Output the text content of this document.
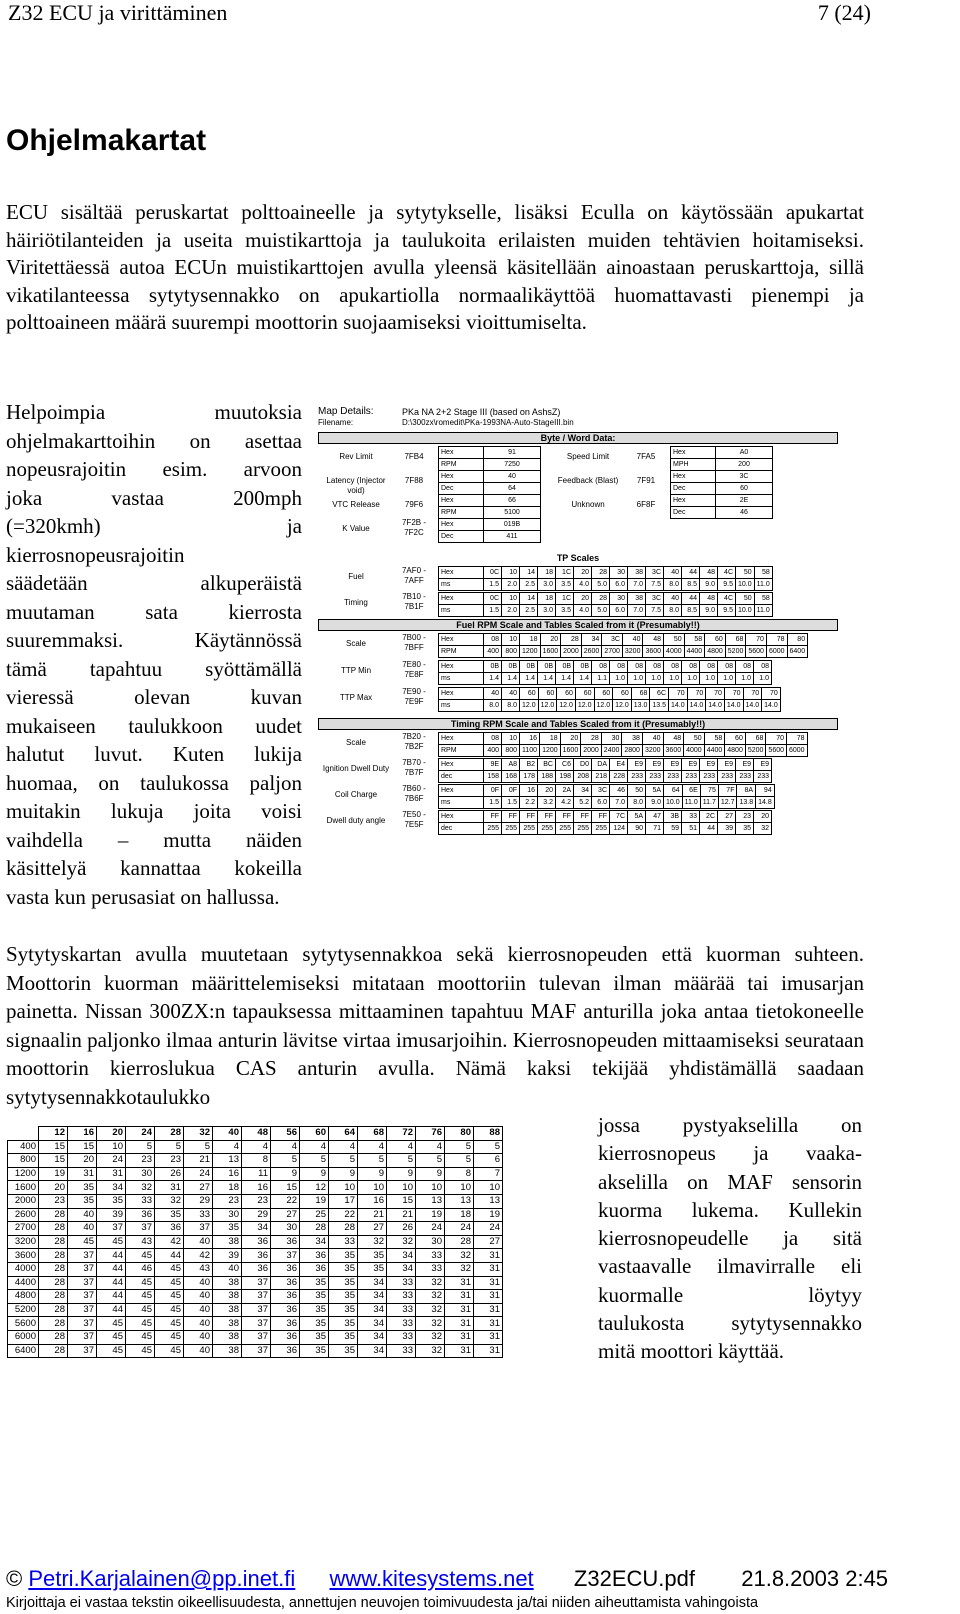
Z32 ECU ja virittäminen	7 (24)
Ohjelmakartat
ECU sisältää peruskartat polttoaineelle ja sytytykselle, lisäksi Eculla on käytössään apukartat häiriötilanteiden ja useita muistikarttoja ja taulukoita erilaisten muiden tehtävien hoitamiseksi. Viritettäessä autoa ECUn muistikarttojen avulla yleensä käsitellään ainoastaan peruskarttoja, sillä vikatilanteessa sytytysennakko on apukartiolla normaalikäyttöä huomattavasti pienempi ja polttoaineen määrä suurempi moottorin suojaamiseksi vioittumiselta.
Helpoimpia muutoksia
ohjelmakarttoihin on asettaa
nopeusrajoitin esim. arvoon
joka vastaa 200mph
(=320kmh) ja
kierrosnopeusrajoitin
säädetään alkuperäistä
muutaman sata kierrosta
suuremmaksi. Käytännössä
tämä tapahtuu syöttämällä
vieressä olevan kuvan
mukaiseen taulukkoon uudet
halutut luvut. Kuten lukija
huomaa, on taulukossa paljon
muitakin lukuja joita voisi
vaihdella – mutta näiden
käsittelyä kannattaa kokeilla
vasta kun perusasiat on hallussa.
Map Details:	PKa NA 2+2 Stage III (based on AshsZ)
Filename:	D:\300zx\romedit\PKa-1993NA-Auto-StageIII.bin
Byte / Word Data:
Rev Limit	7FB4	Hex	91
RPM	7250
Latency (Injector void)
7F88	Hex	40
Dec	64
VTC Release	79F6	Hex	66
RPM	5100
K Value
7F2B - 7F2C
Hex	019B
Dec	411
Speed Limit	7FA5	Hex	A0
MPH	200
Feedback (Blast)	7F91	Hex	3C
Dec	60
Unknown	6F8F	Hex	2E
Dec	46
TP Scales
Fuel
7AF0 - 7AFF
Hex	0C	10	14	18	1C	20	28	30	38	3C	40	44	48	4C	50	58
ms	1.5	2.0	2.5	3.0	3.5	4.0	5.0	6.0	7.0	7.5	8.0	8.5	9.0	9.5	10.0	11.0
Timing
7B10 - 7B1F
Hex	0C	10	14	18	1C	20	28	30	38	3C	40	44	48	4C	50	58
ms	1.5	2.0	2.5	3.0	3.5	4.0	5.0	6.0	7.0	7.5	8.0	8.5	9.0	9.5	10.0	11.0
Fuel RPM Scale and Tables Scaled from it (Presumably!!)
Scale
7B00 - 7BFF
Hex	08	10	18	20	28	34	3C	40	48	50	58	60	68	70	78	80
RPM	400	800	1200	1600	2000	2600	2700	3200	3600	4000	4400	4800	5200	5600	6000	6400
TTP Min
7E80 - 7E8F
Hex	0B	0B	0B	0B	0B	0B	08	08	08	08	08	08	08	08	08	08
ms	1.4	1.4	1.4	1.4	1.4	1.4	1.1	1.0	1.0	1.0	1.0	1.0	1.0	1.0	1.0	1.0
TTP Max
7E90 - 7E9F
Hex	40	40	60	60	60	60	60	60	68	6C	70	70	70	70	70	70
ms	8.0	8.0	12.0	12.0	12.0	12.0	12.0	12.0	13.0	13.5	14.0	14.0	14.0	14.0	14.0	14.0
Timing RPM Scale and Tables Scaled from it (Presumably!!)
Scale
7B20 - 7B2F
Hex	08	10	16	18	20	28	30	38	40	48	50	58	60	68	70	78
RPM	400	800	1100	1200	1600	2000	2400	2800	3200	3600	4000	4400	4800	5200	5600	6000
Ignition Dwell Duty
7B70 - 7B7F
Hex	9E	A8	B2	BC	C6	D0	DA	E4	E9	E9	E9	E9	E9	E9	E9	E9
dec	158	168	178	188	198	208	218	228	233	233	233	233	233	233	233	233
Coil Charge
7B60 - 7B6F
Hex	0F	0F	16	20	2A	34	3C	46	50	5A	64	6E	75	7F	8A	94
ms	1.5	1.5	2.2	3.2	4.2	5.2	6.0	7.0	8.0	9.0	10.0	11.0	11.7	12.7	13.8	14.8
Dwell duty angle
7E50 - 7E5F
Hex	FF	FF	FF	FF	FF	FF	FF	7C	5A	47	3B	33	2C	27	23	20
dec	255	255	255	255	255	255	255	124	90	71	59	51	44	39	35	32
Sytytyskartan avulla muutetaan sytytysennakkoa sekä kierrosnopeuden että kuorman suhteen. Moottorin kuorman määrittelemiseksi mitataan moottoriin tulevan ilman määrää tai imusarjan painetta. Nissan 300ZX:n tapauksessa mittaaminen tapahtuu MAF anturilla joka antaa tietokoneelle signaalin paljonko ilmaa anturin lävitse virtaa imusarjoihin. Kierrosnopeuden mittaamiseksi seurataan moottorin kierroslukua CAS anturin avulla. Nämä kaksi tekijää yhdistämällä saadaan sytytysennakkotaulukko
	12	16	20	24	28	32	40	48	56	60	64	68	72	76	80	88
400	15	15	10	5	5	5	4	4	4	4	4	4	4	4	5	5
800	15	20	24	23	23	21	13	8	5	5	5	5	5	5	5	6
1200	19	31	31	30	26	24	16	11	9	9	9	9	9	9	8	7
1600	20	35	34	32	31	27	18	16	15	12	10	10	10	10	10	10
2000	23	35	35	33	32	29	23	23	22	19	17	16	15	13	13	13
2600	28	40	39	36	35	33	30	29	27	25	22	21	21	19	18	19
2700	28	40	37	37	36	37	35	34	30	28	28	27	26	24	24	24
3200	28	45	45	43	42	40	38	36	36	34	33	32	32	30	28	27
3600	28	37	44	45	44	42	39	36	37	36	35	35	34	33	32	31
4000	28	37	44	46	45	43	40	36	36	36	35	35	34	33	32	31
4400	28	37	44	45	45	40	38	37	36	35	35	34	33	32	31	31
4800	28	37	44	45	45	40	38	37	36	35	35	34	33	32	31	31
5200	28	37	44	45	45	40	38	37	36	35	35	34	33	32	31	31
5600	28	37	45	45	45	40	38	37	36	35	35	34	33	32	31	31
6000	28	37	45	45	45	40	38	37	36	35	35	34	33	32	31	31
6400	28	37	45	45	45	40	38	37	36	35	35	34	33	32	31	31
jossa pystyakselilla on
kierrosnopeus ja vaaka-
akselilla on MAF sensorin
kuorma lukema. Kullekin
kierrosnopeudelle ja sitä
vastaavalle ilmavirralle eli
kuormalle löytyy
taulukosta sytytysennakko
mitä moottori käyttää.
© Petri.Karjalainen@pp.inet.fi www.kitesystems.net Z32ECU.pdf 21.8.2003 2:45
Kirjoittaja ei vastaa tekstin oikeellisuudesta, annettujen neuvojen toimivuudesta ja/tai niiden aiheuttamista vahingoista
